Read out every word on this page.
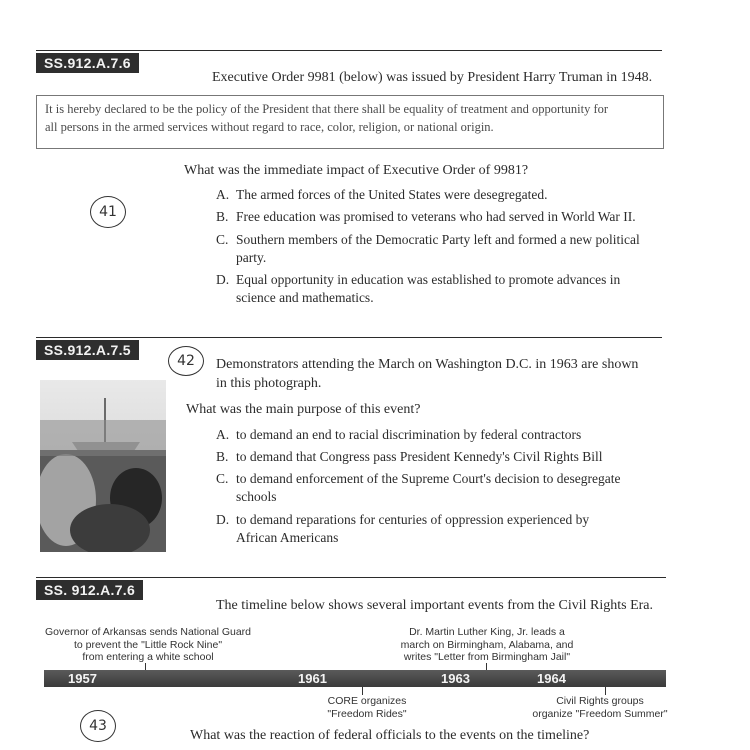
SS.912.A.7.6
Executive Order 9981 (below) was issued by President Harry Truman in 1948.
It is hereby declared to be the policy of the President that there shall be equality of treatment and opportunity for
all persons in the armed services without regard to race, color, religion, or national origin.
What was the immediate impact of Executive Order of 9981?
41
A. The armed forces of the United States were desegregated.
B. Free education was promised to veterans who had served in World War II.
C. Southern members of the Democratic Party left and formed a new political
party.
D. Equal opportunity in education was established to promote advances in
science and mathematics.
SS.912.A.7.5
42 Demonstrators attending the March on Washington D.C. in 1963 are shown
in this photograph.
What was the main purpose of this event?
A. to demand an end to racial discrimination by federal contractors
B. to demand that Congress pass President Kennedy's Civil Rights Bill
C. to demand enforcement of the Supreme Court's decision to desegregate
schools
D. to demand reparations for centuries of oppression experienced by
African Americans
SS. 912.A.7.6
The timeline below shows several important events from the Civil Rights Era.
Governor of Arkansas sends National Guard
to prevent the "Little Rock Nine"
from entering a white school
Dr. Martin Luther King, Jr. leads a
march on Birmingham, Alabama, and
writes "Letter from Birmingham Jail"
1957	1961	1963	1964
CORE organizes
"Freedom Rides"
Civil Rights groups
organize "Freedom Summer"
43
What was the reaction of federal officials to the events on the timeline?
